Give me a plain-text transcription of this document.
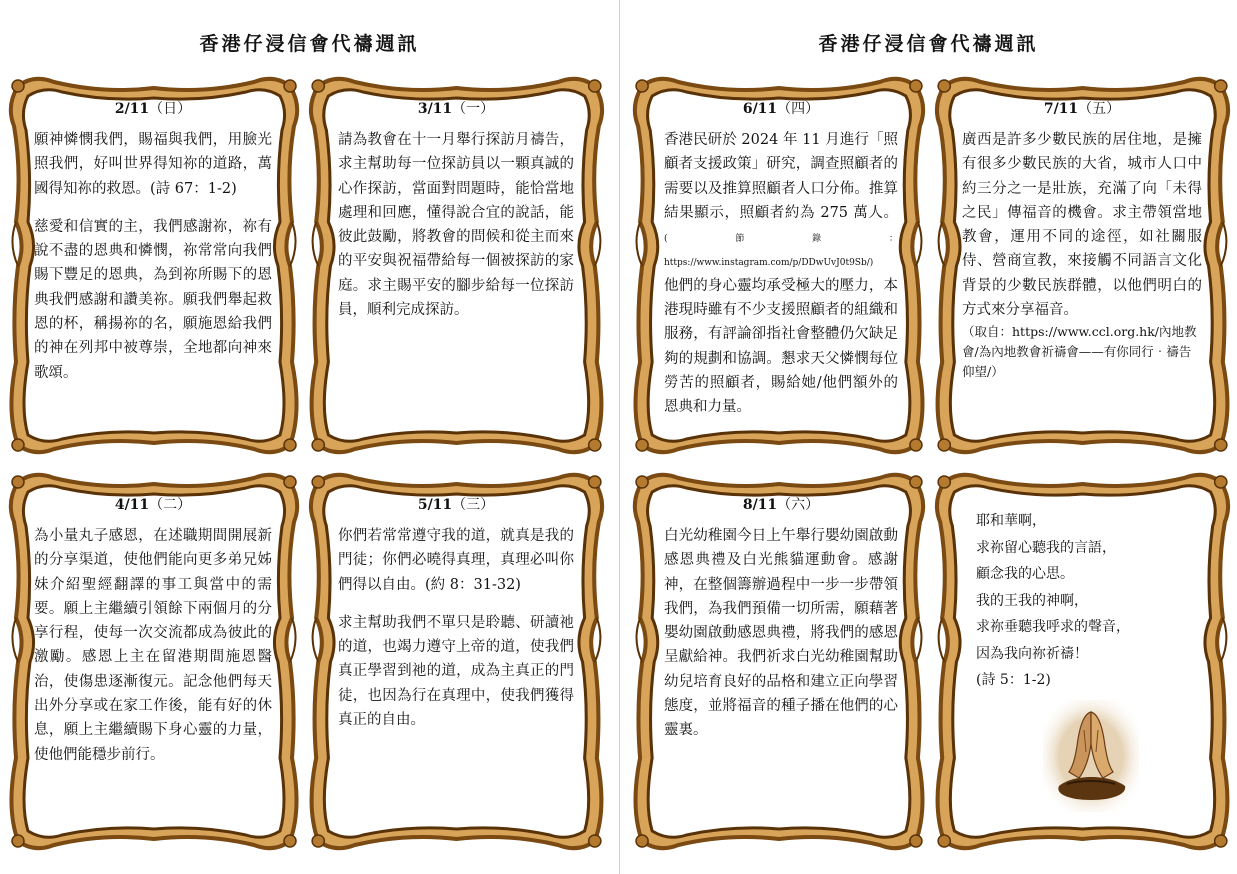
香港仔浸信會代禱週訊	香港仔浸信會代禱週訊
2/11（日）

願神憐憫我們，賜福與我們，用臉光照我們，好叫世界得知祢的道路，萬國得知祢的救恩。(詩 67：1-2)

慈愛和信實的主，我們感謝祢，祢有說不盡的恩典和憐憫，祢常常向我們賜下豐足的恩典，為到祢所賜下的恩典我們感謝和讚美祢。願我們舉起救恩的杯，稱揚祢的名，願施恩給我們的神在列邦中被尊崇，全地都向神來歌頌。

3/11（一）

請為教會在十一月舉行探訪月禱告，求主幫助每一位探訪員以一顆真誠的心作探訪，當面對問題時，能恰當地處理和回應，懂得說合宜的說話，能彼此鼓勵，將教會的問候和從主而來的平安與祝福帶給每一個被探訪的家庭。求主賜平安的腳步給每一位探訪員，順利完成探訪。

4/11（二）

為小量丸子感恩，在述職期間開展新的分享渠道，使他們能向更多弟兄姊妹介紹聖經翻譯的事工與當中的需要。願上主繼續引領餘下兩個月的分享行程，使每一次交流都成為彼此的激勵。感恩上主在留港期間施恩醫治，使傷患逐漸復元。記念他們每天出外分享或在家工作後，能有好的休息，願上主繼續賜下身心靈的力量，使他們能穩步前行。

5/11（三）

你們若常常遵守我的道，就真是我的門徒；你們必曉得真理，真理必叫你們得以自由。(約 8：31-32)

求主幫助我們不單只是聆聽、研讀祂的道，也竭力遵守上帝的道，使我們真正學習到祂的道，成為主真正的門徒，也因為行在真理中，使我們獲得真正的自由。

6/11（四）

香港民研於 2024 年 11 月進行「照顧者支援政策」研究，調查照顧者的需要以及推算照顧者人口分佈。推算結果顯示，照顧者約為 275 萬人。(節錄：https://www.instagram.com/p/DDwUvJ0t9Sb/)

他們的身心靈均承受極大的壓力，本港現時雖有不少支援照顧者的組織和服務，有評論卻指社會整體仍欠缺足夠的規劃和協調。懇求天父憐憫每位勞苦的照顧者，賜給她/他們額外的恩典和力量。

7/11（五）

廣西是許多少數民族的居住地，是擁有很多少數民族的大省，城市人口中約三分之一是壯族，充滿了向「未得之民」傳福音的機會。求主帶領當地教會，運用不同的途徑，如社關服侍、營商宣教，來接觸不同語言文化背景的少數民族群體，以他們明白的方式來分享福音。

（取自：https://www.ccl.org.hk/內地教會/為內地教會祈禱會——有你同行‧禱告仰望/）

8/11（六）

白光幼稚園今日上午舉行嬰幼園啟動感恩典禮及白光熊貓運動會。感謝神，在整個籌辦過程中一步一步帶領我們，為我們預備一切所需，願藉著嬰幼園啟動感恩典禮，將我們的感恩呈獻給神。我們祈求白光幼稚園幫助幼兒培育良好的品格和建立正向學習態度，並將福音的種子播在他們的心靈裏。

耶和華啊，

求祢留心聽我的言語，

顧念我的心思。

我的王我的神啊，

求祢垂聽我呼求的聲音，

因為我向祢祈禱！

(詩 5：1-2)
